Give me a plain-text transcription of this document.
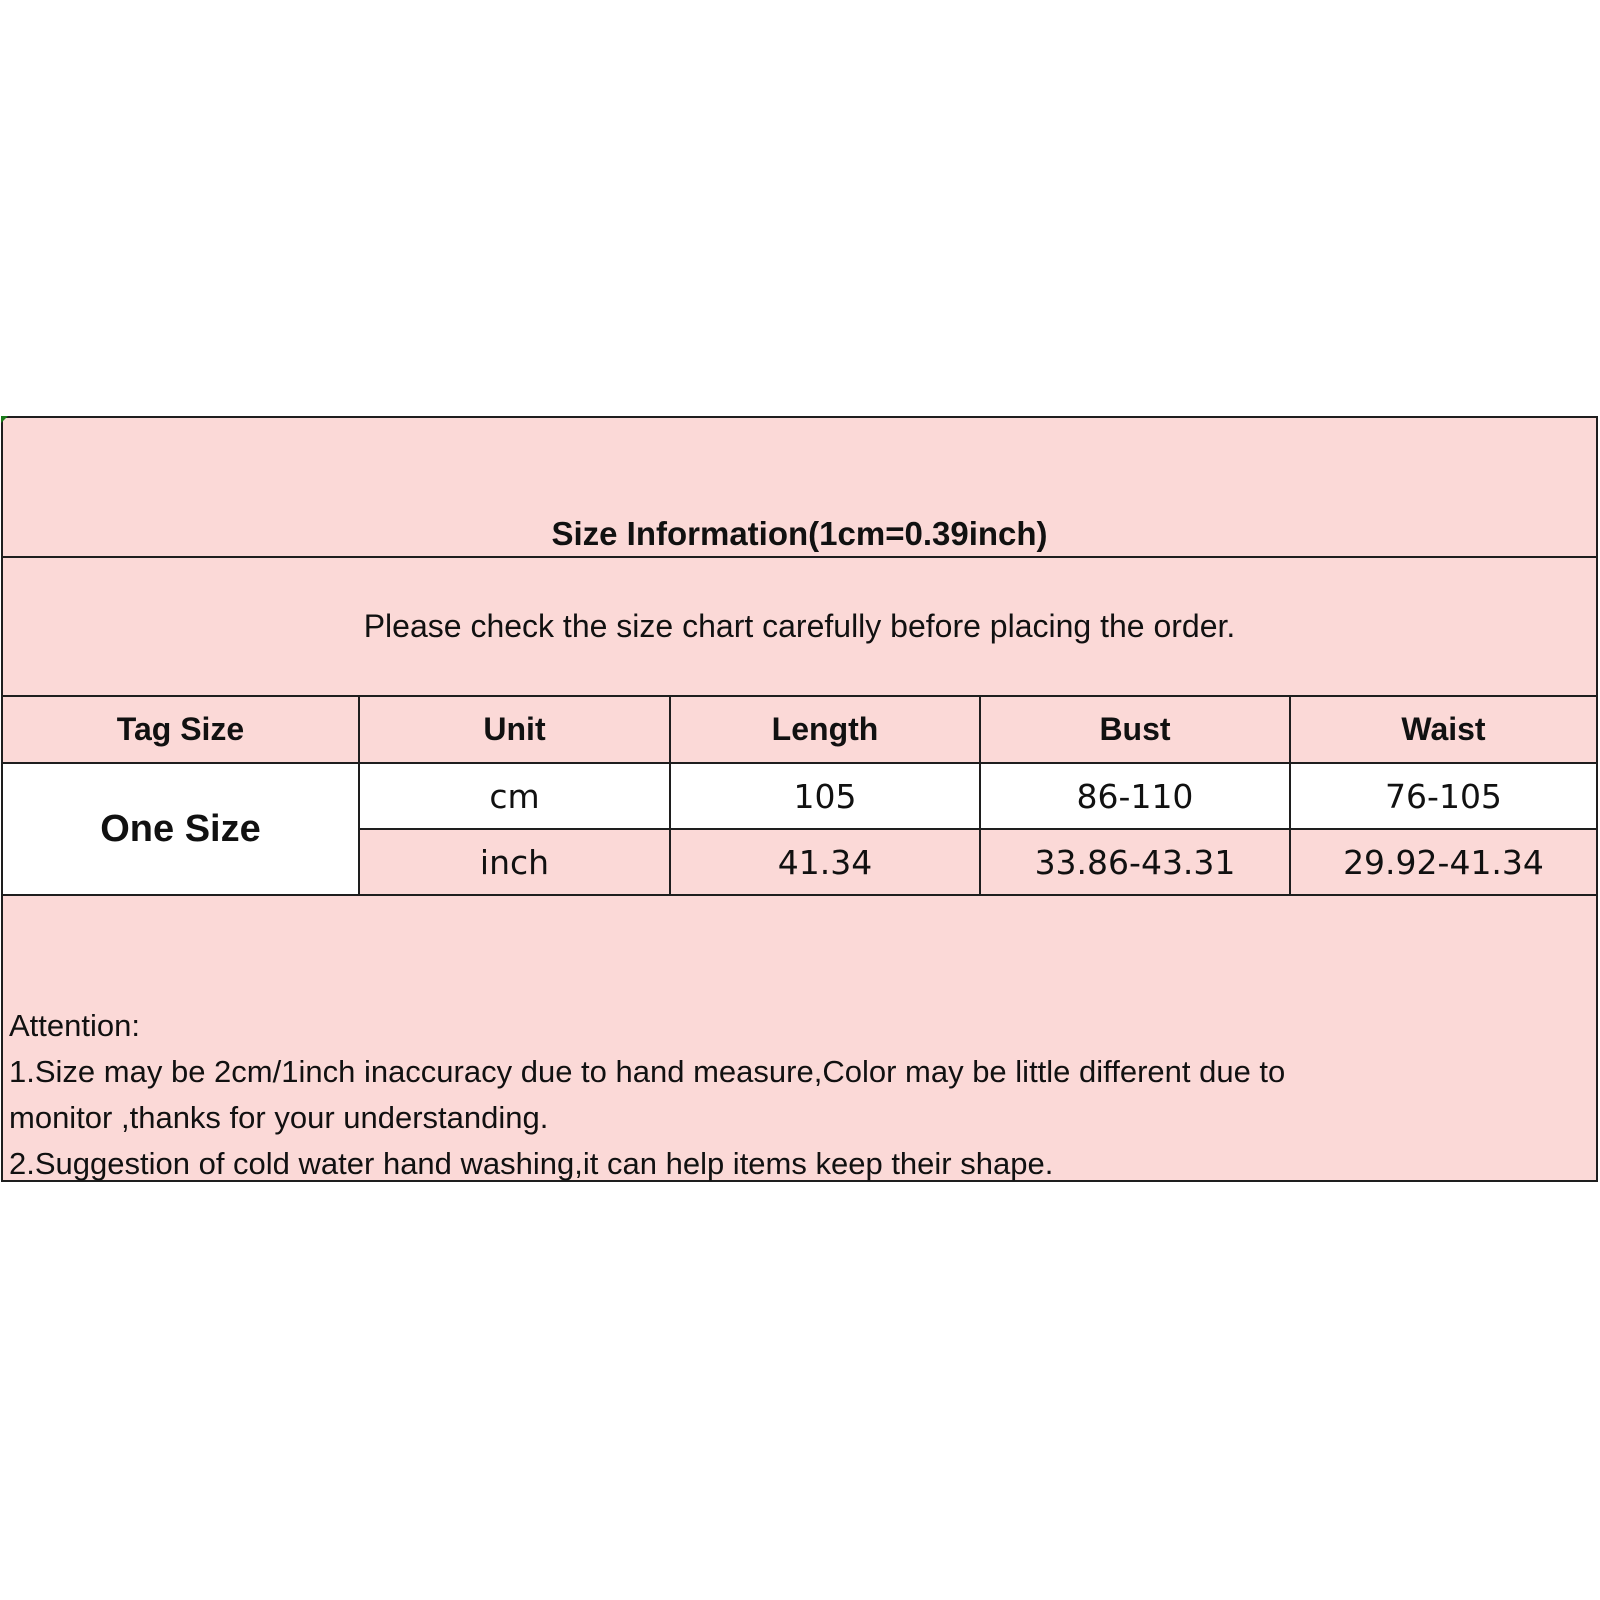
Size Information(1cm=0.39inch)
Please check the size chart carefully before placing the order.
Tag Size	Unit	Length	Bust	Waist
One Size	cm	105	86-110	76-105
	inch	41.34	33.86-43.31	29.92-41.34
Attention:
1.Size may be 2cm/1inch inaccuracy due to hand measure,Color may be little different due to
monitor ,thanks for your understanding.
2.Suggestion of cold water hand washing,it can help items keep their shape.
